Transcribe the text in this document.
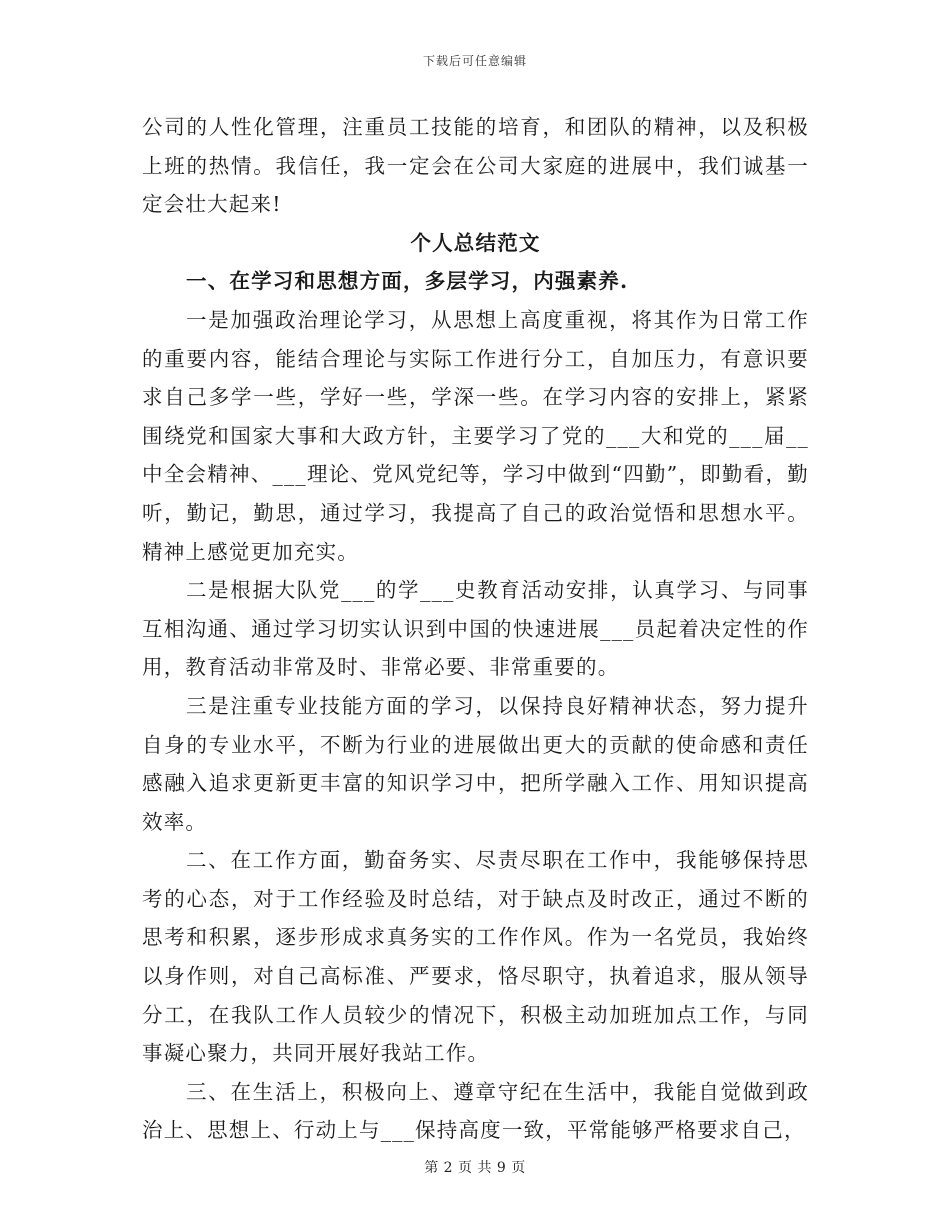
下载后可任意编辑

公司的人性化管理，注重员工技能的培育，和团队的精神，以及积极上班的热情。我信任，我一定会在公司大家庭的进展中，我们诚基一定会壮大起来!

个人总结范文

一、在学习和思想方面，多层学习，内强素养.

一是加强政治理论学习，从思想上高度重视，将其作为日常工作的重要内容，能结合理论与实际工作进行分工，自加压力，有意识要求自己多学一些，学好一些，学深一些。在学习内容的安排上，紧紧围绕党和国家大事和大政方针，主要学习了党的___大和党的___届__中全会精神、___理论、党风党纪等，学习中做到“四勤”，即勤看，勤听，勤记，勤思，通过学习，我提高了自己的政治觉悟和思想水平。精神上感觉更加充实。

二是根据大队党___的学___史教育活动安排，认真学习、与同事互相沟通、通过学习切实认识到中国的快速进展___员起着决定性的作用，教育活动非常及时、非常必要、非常重要的。

三是注重专业技能方面的学习，以保持良好精神状态，努力提升自身的专业水平，不断为行业的进展做出更大的贡献的使命感和责任感融入追求更新更丰富的知识学习中，把所学融入工作、用知识提高效率。

二、在工作方面，勤奋务实、尽责尽职在工作中，我能够保持思考的心态，对于工作经验及时总结，对于缺点及时改正，通过不断的思考和积累，逐步形成求真务实的工作作风。作为一名党员，我始终以身作则，对自己高标准、严要求，恪尽职守，执着追求，服从领导分工，在我队工作人员较少的情况下，积极主动加班加点工作，与同事凝心聚力，共同开展好我站工作。

三、在生活上，积极向上、遵章守纪在生活中，我能自觉做到政治上、思想上、行动上与___保持高度一致，平常能够严格要求自己，

第 2 页 共 9 页
